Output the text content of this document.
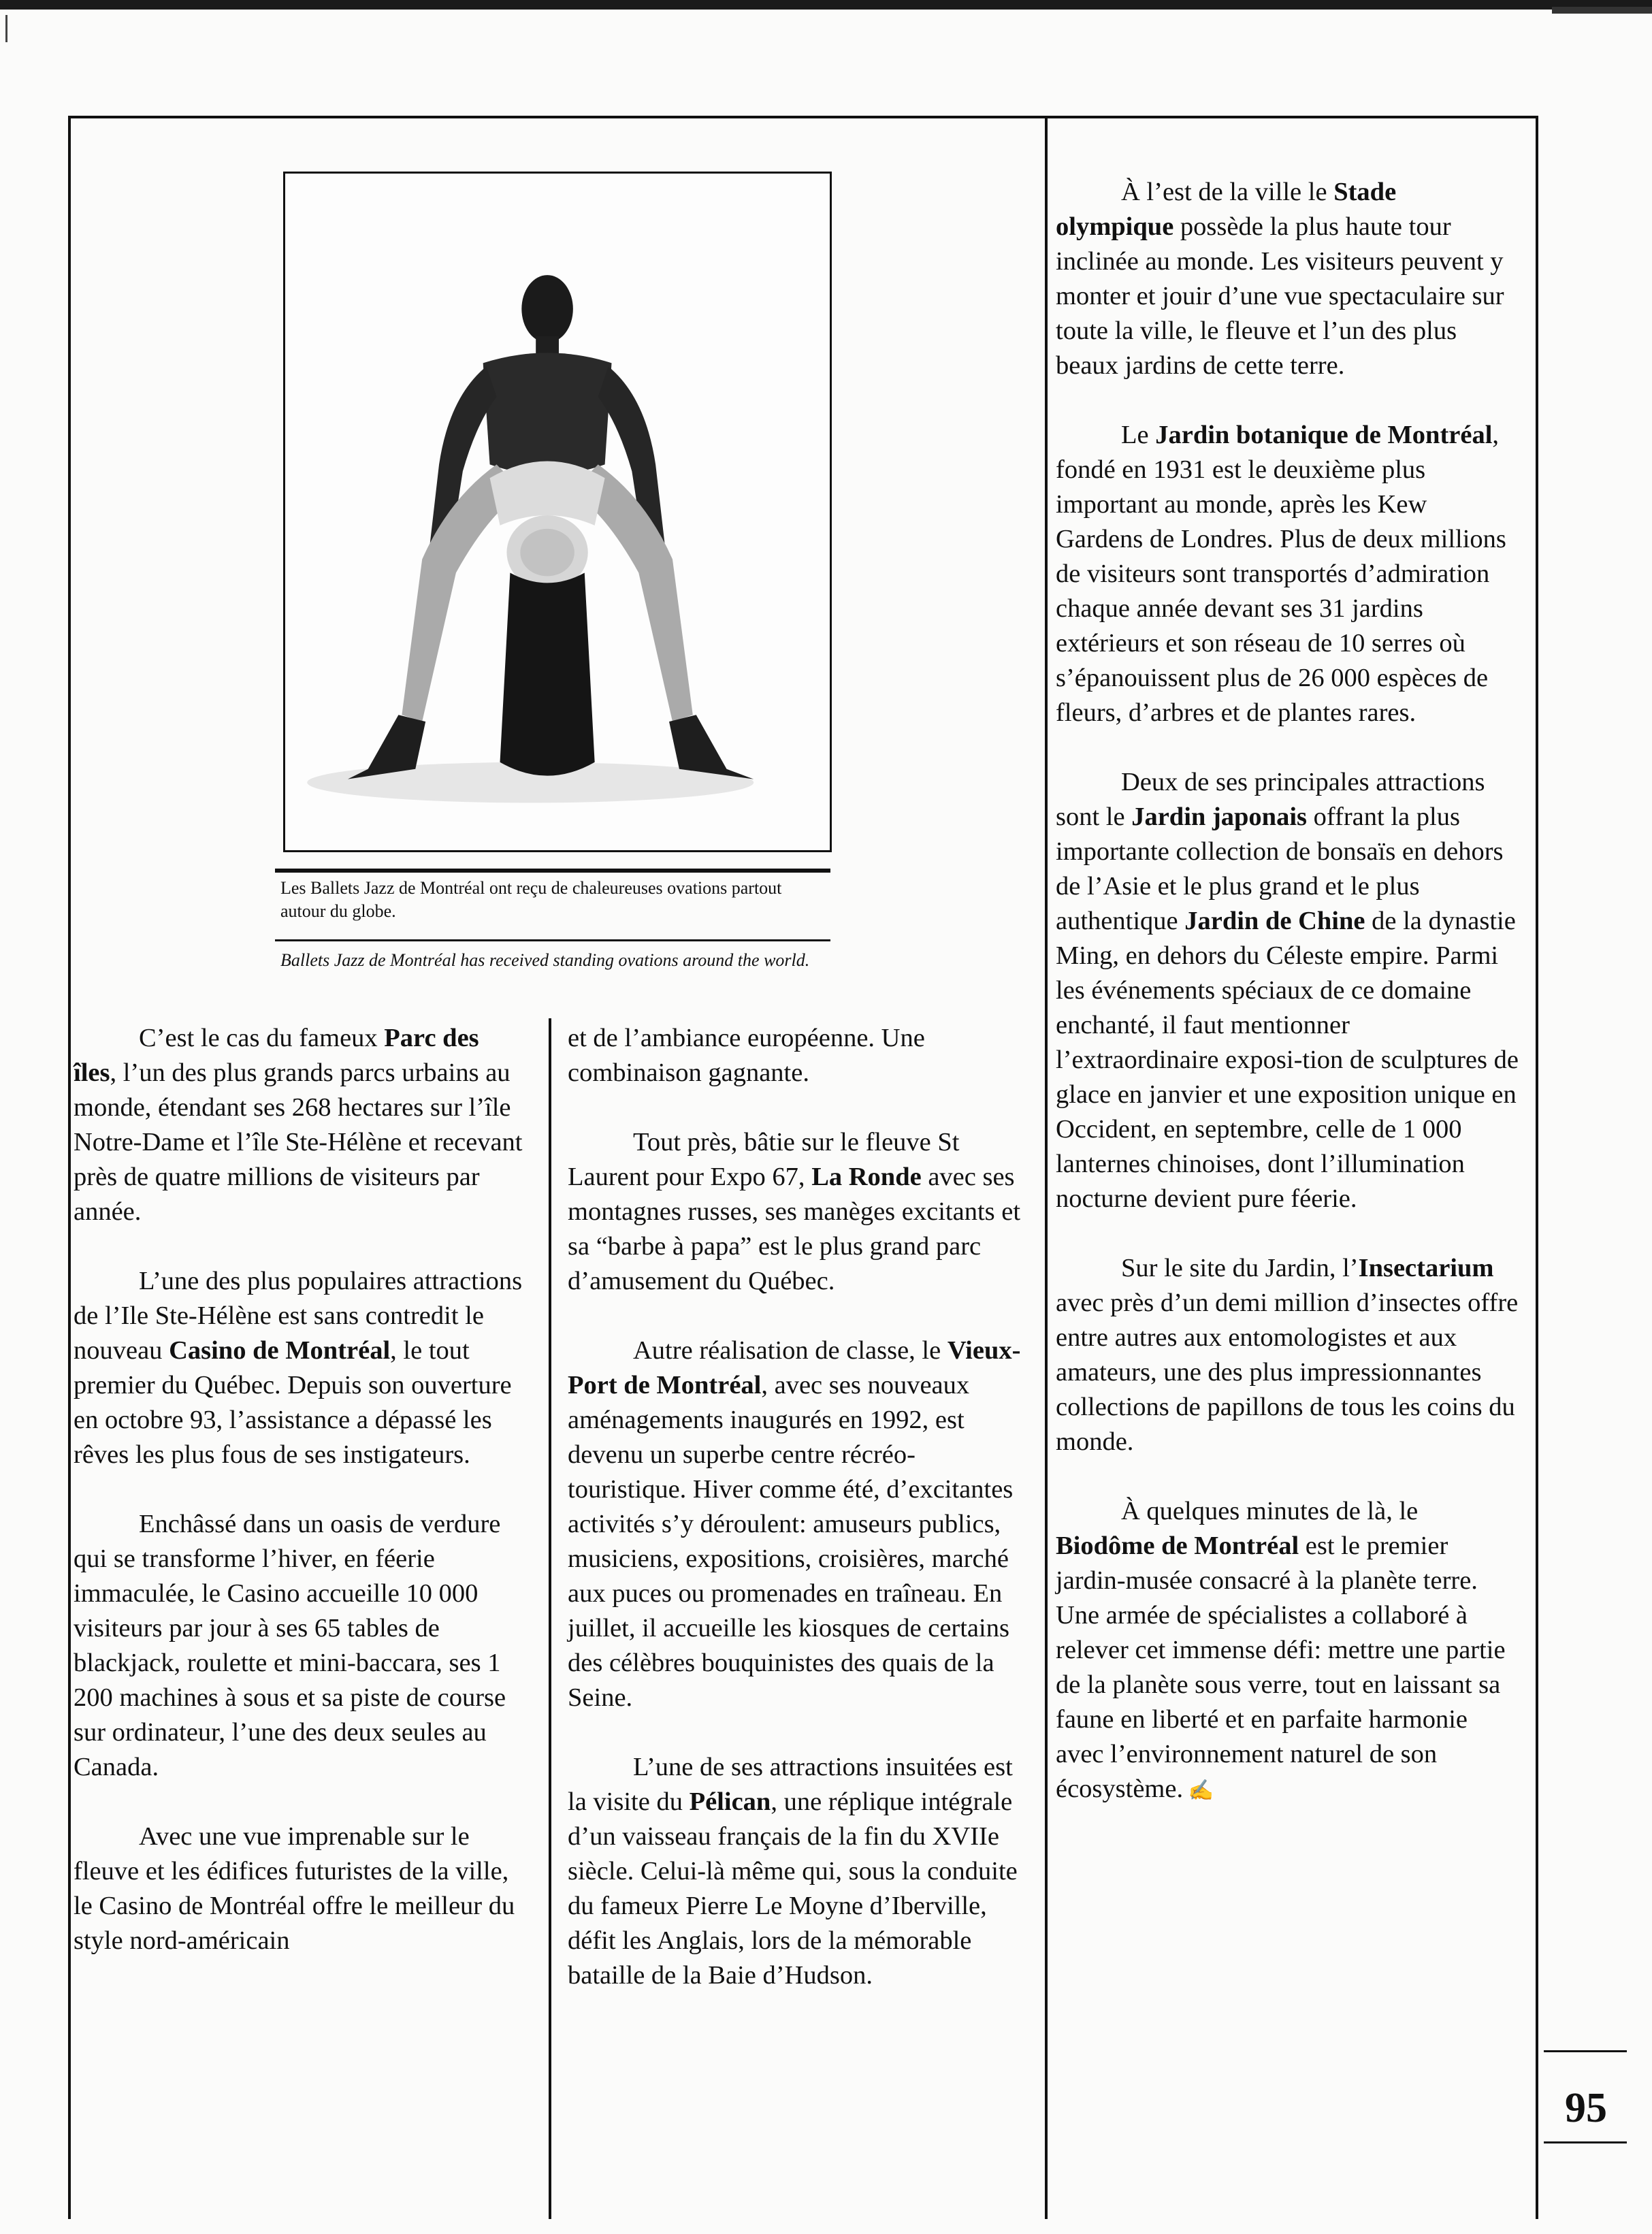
Les Ballets Jazz de Montréal ont reçu de chaleureuses ovations partout autour du globe.
Ballets Jazz de Montréal has received standing ovations around the world.

C’est le cas du fameux Parc des îles, l’un des plus grands parcs urbains au monde, étendant ses 268 hectares sur l’île Notre-Dame et l’île Ste-Hélène et recevant près de quatre millions de visiteurs par année.

L’une des plus populaires attractions de l’Ile Ste-Hélène est sans contredit le nouveau Casino de Montréal, le tout premier du Québec. Depuis son ouverture en octobre 93, l’assistance a dépassé les rêves les plus fous de ses instigateurs.

Enchâssé dans un oasis de verdure qui se transforme l’hiver, en féerie immaculée, le Casino accueille 10 000 visiteurs par jour à ses 65 tables de blackjack, roulette et mini-baccara, ses 1 200 machines à sous et sa piste de course sur ordinateur, l’une des deux seules au Canada.

Avec une vue imprenable sur le fleuve et les édifices futuristes de la ville, le Casino de Montréal offre le meilleur du style nord-américain

et de l’ambiance européenne. Une combinaison gagnante.

Tout près, bâtie sur le fleuve St Laurent pour Expo 67, La Ronde avec ses montagnes russes, ses manèges excitants et sa “barbe à papa” est le plus grand parc d’amusement du Québec.

Autre réalisation de classe, le Vieux-Port de Montréal, avec ses nouveaux aménagements inaugurés en 1992, est devenu un superbe centre récréo-touristique. Hiver comme été, d’excitantes activités s’y déroulent: amuseurs publics, musiciens, expositions, croisières, marché aux puces ou promenades en traîneau. En juillet, il accueille les kiosques de certains des célèbres bouquinistes des quais de la Seine.

L’une de ses attractions insuitées est la visite du Pélican, une réplique intégrale d’un vaisseau français de la fin du XVIIe siècle. Celui-là même qui, sous la conduite du fameux Pierre Le Moyne d’Iberville, défit les Anglais, lors de la mémorable bataille de la Baie d’Hudson.

À l’est de la ville le Stade olympique possède la plus haute tour inclinée au monde. Les visiteurs peuvent y monter et jouir d’une vue spectaculaire sur toute la ville, le fleuve et l’un des plus beaux jardins de cette terre.

Le Jardin botanique de Montréal, fondé en 1931 est le deuxième plus important au monde, après les Kew Gardens de Londres. Plus de deux millions de visiteurs sont transportés d’admiration chaque année devant ses 31 jardins extérieurs et son réseau de 10 serres où s’épanouissent plus de 26 000 espèces de fleurs, d’arbres et de plantes rares.

Deux de ses principales attractions sont le Jardin japonais offrant la plus importante collection de bonsaïs en dehors de l’Asie et le plus grand et le plus authentique Jardin de Chine de la dynastie Ming, en dehors du Céleste empire. Parmi les événements spéciaux de ce domaine enchanté, il faut mentionner l’extraordinaire exposi-tion de sculptures de glace en janvier et une exposition unique en Occident, en septembre, celle de 1 000 lanternes chinoises, dont l’illumination nocturne devient pure féerie.

Sur le site du Jardin, l’Insectarium avec près d’un demi million d’insectes offre entre autres aux entomologistes et aux amateurs, une des plus impressionnantes collections de papillons de tous les coins du monde.

À quelques minutes de là, le Biodôme de Montréal est le premier jardin-musée consacré à la planète terre. Une armée de spécialistes a collaboré à relever cet immense défi: mettre une partie de la planète sous verre, tout en laissant sa faune en liberté et en parfaite harmonie avec l’environnement naturel de son écosystème. ✍

95
